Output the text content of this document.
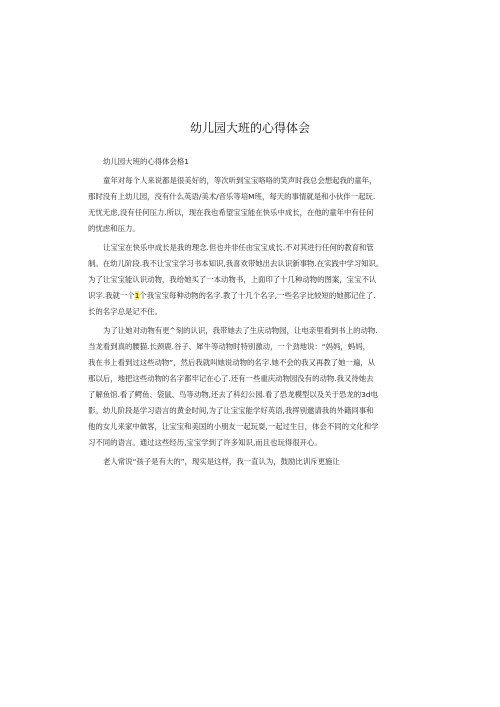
幼儿园大班的心得体会

幼儿园大班的心得体会格1

童年对每个人来说都是很美好的，等次听到宝宝咯咯的笑声时我总会想起我的童年，
那时没有上幼儿园，没有什么英语/美术/音乐等培M班，每天的事情就是和小伙伴一起玩.
无忧无虑,没有任何压力.所以，现在我也希望宝宝能在快乐中成长，在他的童年中有任何
的忧虑和压力。

让宝宝在快乐中成长是我的理念.但也并非任由宝宝成长.不对其进行任何的教育和管
制。在幼儿阶段.我不让宝宝学习书本知识,我喜欢带她出去认识新事物.在实践中学习知识。
为了让宝宝能认识动物，我给她买了一本动物书，上面印了十几种动物的图案，宝宝不认
识字.我就一个1个我宝宝每种动物的名字.教了十几个名字,一些名字比较短的她都记住了.
长的名字总是记不住。

为了让她对动物有更^刻的认识，我带她去了生庆动物园，让电亲里看到书上的动物.
当龙看到真的腰猫.长颈鹿.谷子、犀牛等动物时特别激动，一个劲地说：“妈妈，蚂妈，
我在书上看到过这些动物”，然后我就叫她说动物的名字.她不会的我又再教了她一遍，从
那以后，地把这些动物的名字都牢记在心了.还有一些重庆动物园没有的动物.我又待她去
了解鱼馆.看了鳄鱼、袋鼠、鸟等动物,还去了科幻公园.看了恐龙模型以及关于恐龙的3d电
影。幼儿阶段是学习语言的黄金时间,为了让宝宝能学好英语,我挥别邀请我的外籍同事和
他的女儿来家中做客，让宝宝和美国的小朋友一起玩耍,一起过生日，体会不同的文化和学
习不同的语言。通过这些经历,宝宝学到了许多知识,而且也玩得很开心。

老人常说“孩子是有大的”，现实是这样，我一直认为，鼓励比训斥更施让
